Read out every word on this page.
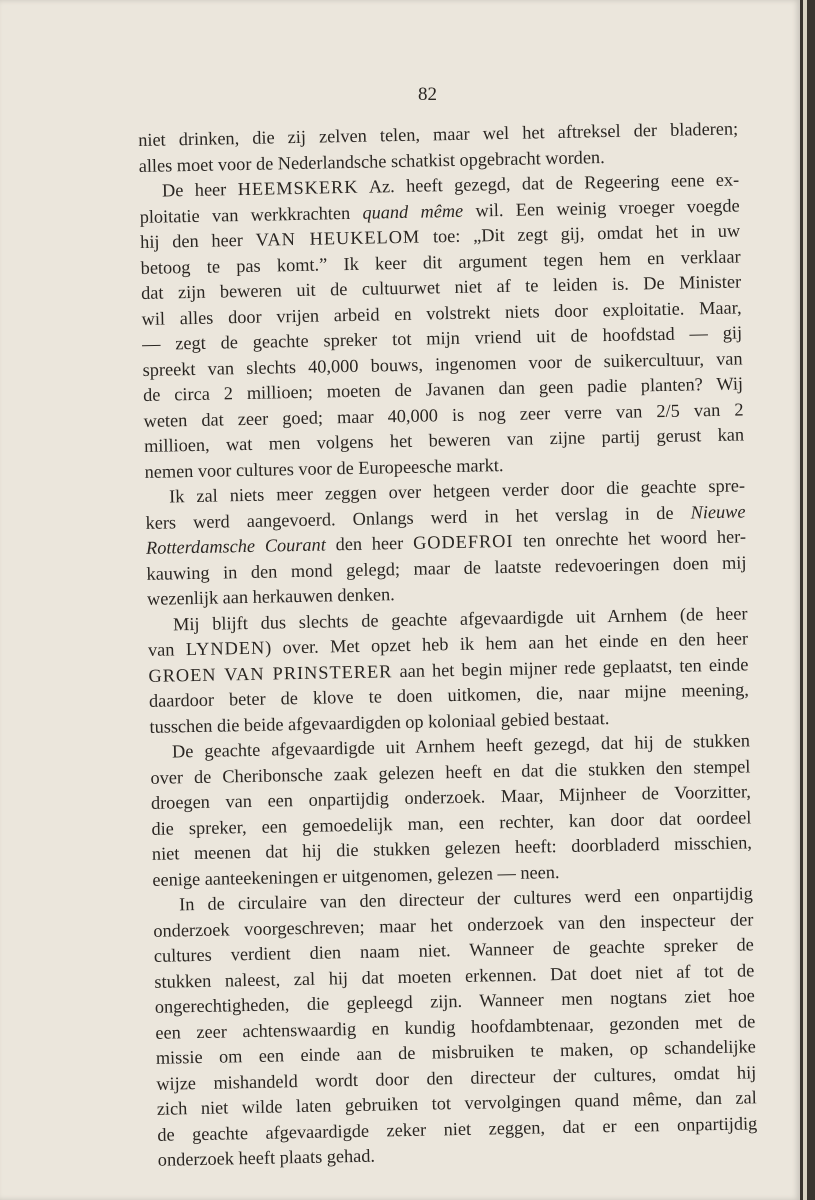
82
niet drinken, die zij zelven telen, maar wel het aftreksel der bladeren;
alles moet voor de Nederlandsche schatkist opgebracht worden.
De heer HEEMSKERK Az. heeft gezegd, dat de Regeering eene ex-
ploitatie van werkkrachten quand même wil. Een weinig vroeger voegde
hij den heer VAN HEUKELOM toe: „Dit zegt gij, omdat het in uw
betoog te pas komt.” Ik keer dit argument tegen hem en verklaar
dat zijn beweren uit de cultuurwet niet af te leiden is. De Minister
wil alles door vrijen arbeid en volstrekt niets door exploitatie. Maar,
— zegt de geachte spreker tot mijn vriend uit de hoofdstad — gij
spreekt van slechts 40,000 bouws, ingenomen voor de suikercultuur, van
de circa 2 millioen; moeten de Javanen dan geen padie planten? Wij
weten dat zeer goed; maar 40,000 is nog zeer verre van 2/5 van 2
millioen, wat men volgens het beweren van zijne partij gerust kan
nemen voor cultures voor de Europeesche markt.
Ik zal niets meer zeggen over hetgeen verder door die geachte spre-
kers werd aangevoerd. Onlangs werd in het verslag in de Nieuwe
Rotterdamsche Courant den heer GODEFROI ten onrechte het woord her-
kauwing in den mond gelegd; maar de laatste redevoeringen doen mij
wezenlijk aan herkauwen denken.
Mij blijft dus slechts de geachte afgevaardigde uit Arnhem (de heer
van LYNDEN) over. Met opzet heb ik hem aan het einde en den heer
GROEN VAN PRINSTERER aan het begin mijner rede geplaatst, ten einde
daardoor beter de klove te doen uitkomen, die, naar mijne meening,
tusschen die beide afgevaardigden op koloniaal gebied bestaat.
De geachte afgevaardigde uit Arnhem heeft gezegd, dat hij de stukken
over de Cheribonsche zaak gelezen heeft en dat die stukken den stempel
droegen van een onpartijdig onderzoek. Maar, Mijnheer de Voorzitter,
die spreker, een gemoedelijk man, een rechter, kan door dat oordeel
niet meenen dat hij die stukken gelezen heeft: doorbladerd misschien,
eenige aanteekeningen er uitgenomen, gelezen — neen.
In de circulaire van den directeur der cultures werd een onpartijdig
onderzoek voorgeschreven; maar het onderzoek van den inspecteur der
cultures verdient dien naam niet. Wanneer de geachte spreker de
stukken naleest, zal hij dat moeten erkennen. Dat doet niet af tot de
ongerechtigheden, die gepleegd zijn. Wanneer men nogtans ziet hoe
een zeer achtenswaardig en kundig hoofdambtenaar, gezonden met de
missie om een einde aan de misbruiken te maken, op schandelijke
wijze mishandeld wordt door den directeur der cultures, omdat hij
zich niet wilde laten gebruiken tot vervolgingen quand même, dan zal
de geachte afgevaardigde zeker niet zeggen, dat er een onpartijdig
onderzoek heeft plaats gehad.
